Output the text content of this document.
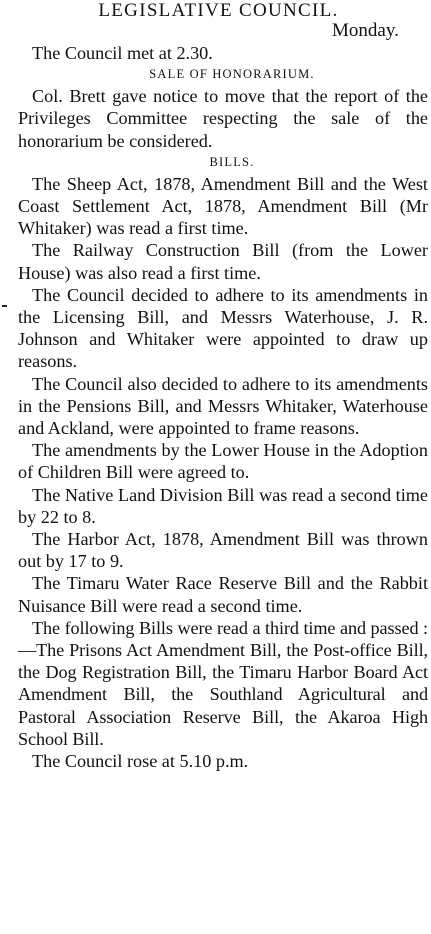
LEGISLATIVE COUNCIL.
Monday.

The Council met at 2.30.

SALE OF HONORARIUM.

Col. Brett gave notice to move that the report of the Privileges Committee respecting the sale of the honorarium be considered.

BILLS.

The Sheep Act, 1878, Amendment Bill and the West Coast Settlement Act, 1878, Amendment Bill (Mr Whitaker) was read a first time.

The Railway Construction Bill (from the Lower House) was also read a first time.

The Council decided to adhere to its amendments in the Licensing Bill, and Messrs Waterhouse, J. R. Johnson and Whitaker were appointed to draw up reasons.

The Council also decided to adhere to its amendments in the Pensions Bill, and Messrs Whitaker, Waterhouse and Ackland, were appointed to frame reasons.

The amendments by the Lower House in the Adoption of Children Bill were agreed to.

The Native Land Division Bill was read a second time by 22 to 8.

The Harbor Act, 1878, Amendment Bill was thrown out by 17 to 9.

The Timaru Water Race Reserve Bill and the Rabbit Nuisance Bill were read a second time.

The following Bills were read a third time and passed :—The Prisons Act Amendment Bill, the Post-office Bill, the Dog Registration Bill, the Timaru Harbor Board Act Amendment Bill, the Southland Agricultural and Pastoral Association Reserve Bill, the Akaroa High School Bill.

The Council rose at 5.10 p.m.
